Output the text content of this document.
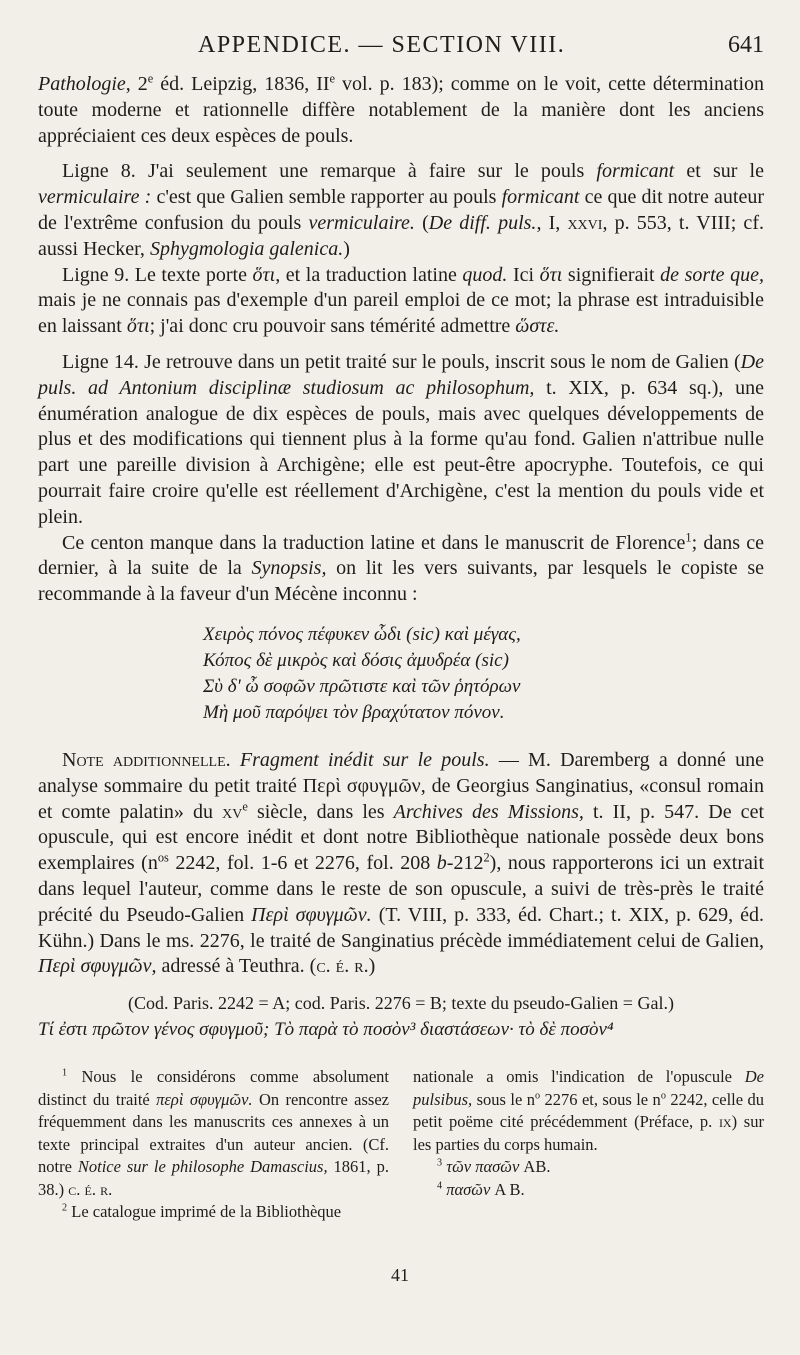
APPENDICE. — SECTION VIII.	641

Pathologie, 2e éd. Leipzig, 1836, IIe vol. p. 183); comme on le voit, cette détermination toute moderne et rationnelle diffère notablement de la manière dont les anciens appréciaient ces deux espèces de pouls.

Ligne 8. J'ai seulement une remarque à faire sur le pouls formicant et sur le vermiculaire : c'est que Galien semble rapporter au pouls formicant ce que dit notre auteur de l'extrême confusion du pouls vermiculaire. (De diff. puls., I, xxvi, p. 553, t. VIII; cf. aussi Hecker, Sphygmologia galenica.)

Ligne 9. Le texte porte ὅτι, et la traduction latine quod. Ici ὅτι signifierait de sorte que, mais je ne connais pas d'exemple d'un pareil emploi de ce mot; la phrase est intraduisible en laissant ὅτι; j'ai donc cru pouvoir sans témérité admettre ὥστε.

Ligne 14. Je retrouve dans un petit traité sur le pouls, inscrit sous le nom de Galien (De puls. ad Antonium disciplinæ studiosum ac philosophum, t. XIX, p. 634 sq.), une énumération analogue de dix espèces de pouls, mais avec quelques développements de plus et des modifications qui tiennent plus à la forme qu'au fond. Galien n'attribue nulle part une pareille division à Archigène; elle est peut-être apocryphe. Toutefois, ce qui pourrait faire croire qu'elle est réellement d'Archigène, c'est la mention du pouls vide et plein.

Ce centon manque dans la traduction latine et dans le manuscrit de Florence$^1$; dans ce dernier, à la suite de la Synopsis, on lit les vers suivants, par lesquels le copiste se recommande à la faveur d'un Mécène inconnu :

Χειρὸς πόνος πέφυκεν ὧδι (sic) καὶ μέγας,
Κόπος δὲ μικρὸς καὶ δόσις ἀμυδρέα (sic)
Σὺ δ' ὦ σοφῶν πρῶτιστε καὶ τῶν ῥητόρων
Μὴ μοῦ παρόψει τὸν βραχύτατον πόνον.

Note additionnelle. Fragment inédit sur le pouls. — M. Daremberg a donné une analyse sommaire du petit traité Περὶ σφυγμῶν, de Georgius Sanginatius, «consul romain et comte palatin» du $xv^e$ siècle, dans les Archives des Missions, t. II, p. 547. De cet opuscule, qui est encore inédit et dont notre Bibliothèque nationale possède deux bons exemplaires ($n^{os}$ 2242, fol. 1-6 et 2276, fol. 208 $b-212^2$), nous rapporterons ici un extrait dans lequel l'auteur, comme dans le reste de son opuscule, a suivi de très-près le traité précité du Pseudo-Galien Περὶ σφυγμῶν. (T. VIII, p. 333, éd. Chart.; t. XIX, p. 629, éd. Kühn.) Dans le ms. 2276, le traité de Sanginatius précède immédiatement celui de Galien, Περὶ σφυγμῶν, adressé à Teuthra. (c. é. r.)

(Cod. Paris. 2242 = A; cod. Paris. 2276 = B; texte du pseudo-Galien = Gal.)
Τί ἐστι πρῶτον γένος σφυγμοῦ; Τὸ παρὰ τὸ ποσὸν³ διαστάσεων· τὸ δὲ ποσὸν⁴

$^1$ Nous le considérons comme absolument distinct du traité περὶ σφυγμῶν. On rencontre assez fréquemment dans les manuscrits ces annexes à un texte principal extraites d'un auteur ancien. (Cf. notre Notice sur le philosophe Damascius, 1861, p. 38.) c. é. r.

$^2$ Le catalogue imprimé de la Bibliothèque

nationale a omis l'indication de l'opuscule De pulsibus, sous le $n^o$ 2276 et, sous le $n^o$ 2242, celle du petit poëme cité précédemment (Préface, p. ix) sur les parties du corps humain.

$^3$ τῶν πασῶν AB.

$^4$ πασῶν A B.

41
